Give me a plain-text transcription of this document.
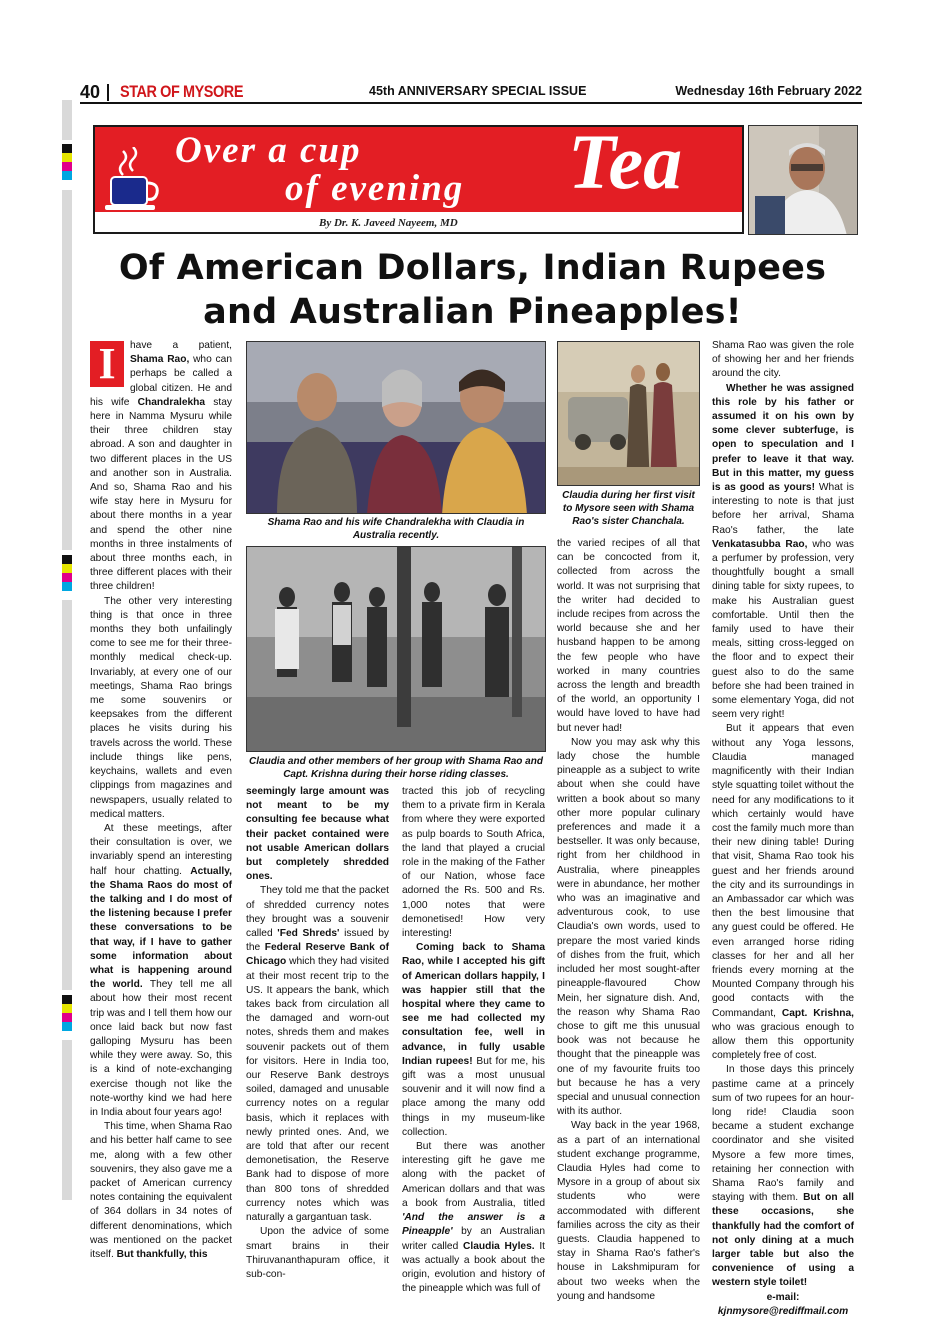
40 STAR OF MYSORE	45th ANNIVERSARY SPECIAL ISSUE	Wednesday 16th February 2022
Over a cup
of evening Tea
By Dr. K. Javeed Nayeem, MD
Of American Dollars, Indian Rupees
and Australian Pineapples!

I	have a patient, Shama Rao, who can perhaps be called a global citizen. He and his wife Chandralekha stay here in Namma Mysuru while their three children stay abroad. A son and daughter in two different places in the US and another son in Australia. And so, Shama Rao and his wife stay here in Mysuru for about there months in a year and spend the other nine months in three instalments of about three months each, in three different places with their three children!

The other very interesting thing is that once in three months they both unfailingly come to see me for their three-monthly medical check-up. Invariably, at every one of our meetings, Shama Rao brings me some souvenirs or keepsakes from the different places he visits during his travels across the world. These include things like pens, keychains, wallets and even clippings from magazines and newspapers, usually related to medical matters.

At these meetings, after their consultation is over, we invariably spend an interesting half hour chatting. Actually, the Shama Raos do most of the talking and I do most of the listening because I prefer these conversations to be that way, if I have to gather some information about what is happening around the world. They tell me all about how their most recent trip was and I tell them how our once laid back but now fast galloping Mysuru has been while they were away. So, this is a kind of note-exchanging exercise though not like the note-worthy kind we had here in India about four years ago!

This time, when Shama Rao and his better half came to see me, along with a few other souvenirs, they also gave me a packet of American currency notes containing the equivalent of 364 dollars in 34 notes of different denominations, which was mentioned on the packet itself. But thankfully, this

Shama Rao and his wife Chandralekha with Claudia in Australia recently.
Claudia and other members of her group with Shama Rao and Capt. Krishna during their horse riding classes.
Claudia during her first visit to Mysore seen with Shama Rao's sister Chanchala.

seemingly large amount was not meant to be my consulting fee because what their packet contained were not usable American dollars but completely shredded ones.

They told me that the packet of shredded currency notes they brought was a souvenir called 'Fed Shreds' issued by the Federal Reserve Bank of Chicago which they had visited at their most recent trip to the US. It appears the bank, which takes back from circulation all the damaged and worn-out notes, shreds them and makes souvenir packets out of them for visitors. Here in India too, our Reserve Bank destroys soiled, damaged and unusable currency notes on a regular basis, which it replaces with newly printed ones. And, we are told that after our recent demonetisation, the Reserve Bank had to dispose of more than 800 tons of shredded currency notes which was naturally a gargantuan task.

Upon the advice of some smart brains in their Thiruvananthapuram office, it sub-con-

tracted this job of recycling them to a private firm in Kerala from where they were exported as pulp boards to South Africa, the land that played a crucial role in the making of the Father of our Nation, whose face adorned the Rs. 500 and Rs. 1,000 notes that were demonetised! How very interesting!

Coming back to Shama Rao, while I accepted his gift of American dollars happily, I was happier still that the hospital where they came to see me had collected my consultation fee, well in advance, in fully usable Indian rupees! But for me, his gift was a most unusual souvenir and it will now find a place among the many odd things in my museum-like collection.

But there was another interesting gift he gave me along with the packet of American dollars and that was a book from Australia, titled 'And the answer is a Pineapple' by an Australian writer called Claudia Hyles. It was actually a book about the origin, evolution and history of the pineapple which was full of

the varied recipes of all that can be concocted from it, collected from across the world. It was not surprising that the writer had decided to include recipes from across the world because she and her husband happen to be among the few people who have worked in many countries across the length and breadth of the world, an opportunity I would have loved to have had but never had!

Now you may ask why this lady chose the humble pineapple as a subject to write about when she could have written a book about so many other more popular culinary preferences and made it a bestseller. It was only because, right from her childhood in Australia, where pineapples were in abundance, her mother who was an imaginative and adventurous cook, to use Claudia's own words, used to prepare the most varied kinds of dishes from the fruit, which included her most sought-after pineapple-flavoured Chow Mein, her signature dish. And, the reason why Shama Rao chose to gift me this unusual book was not because he thought that the pineapple was one of my favourite fruits too but because he has a very special and unusual connection with its author.

Way back in the year 1968, as a part of an international student exchange programme, Claudia Hyles had come to Mysore in a group of about six students who were accommodated with different families across the city as their guests. Claudia happened to stay in Shama Rao's father's house in Lakshmipuram for about two weeks when the young and handsome

Shama Rao was given the role of showing her and her friends around the city.

Whether he was assigned this role by his father or assumed it on his own by some clever subterfuge, is open to speculation and I prefer to leave it that way. But in this matter, my guess is as good as yours! What is interesting to note is that just before her arrival, Shama Rao's father, the late Venkatasubba Rao, who was a perfumer by profession, very thoughtfully bought a small dining table for sixty rupees, to make his Australian guest comfortable. Until then the family used to have their meals, sitting cross-legged on the floor and to expect their guest also to do the same before she had been trained in some elementary Yoga, did not seem very right!

But it appears that even without any Yoga lessons, Claudia managed magnificently with their Indian style squatting toilet without the need for any modifications to it which certainly would have cost the family much more than their new dining table! During that visit, Shama Rao took his guest and her friends around the city and its surroundings in an Ambassador car which was then the best limousine that any guest could be offered. He even arranged horse riding classes for her and all her friends every morning at the Mounted Company through his good contacts with the Commandant, Capt. Krishna, who was gracious enough to allow them this opportunity completely free of cost.

In those days this princely pastime came at a princely sum of two rupees for an hour-long ride! Claudia soon became a student exchange coordinator and she visited Mysore a few more times, retaining her connection with Shama Rao's family and staying with them. But on all these occasions, she thankfully had the comfort of not only dining at a much larger table but also the convenience of using a western style toilet!

e-mail:

kjnmysore@rediffmail.com
